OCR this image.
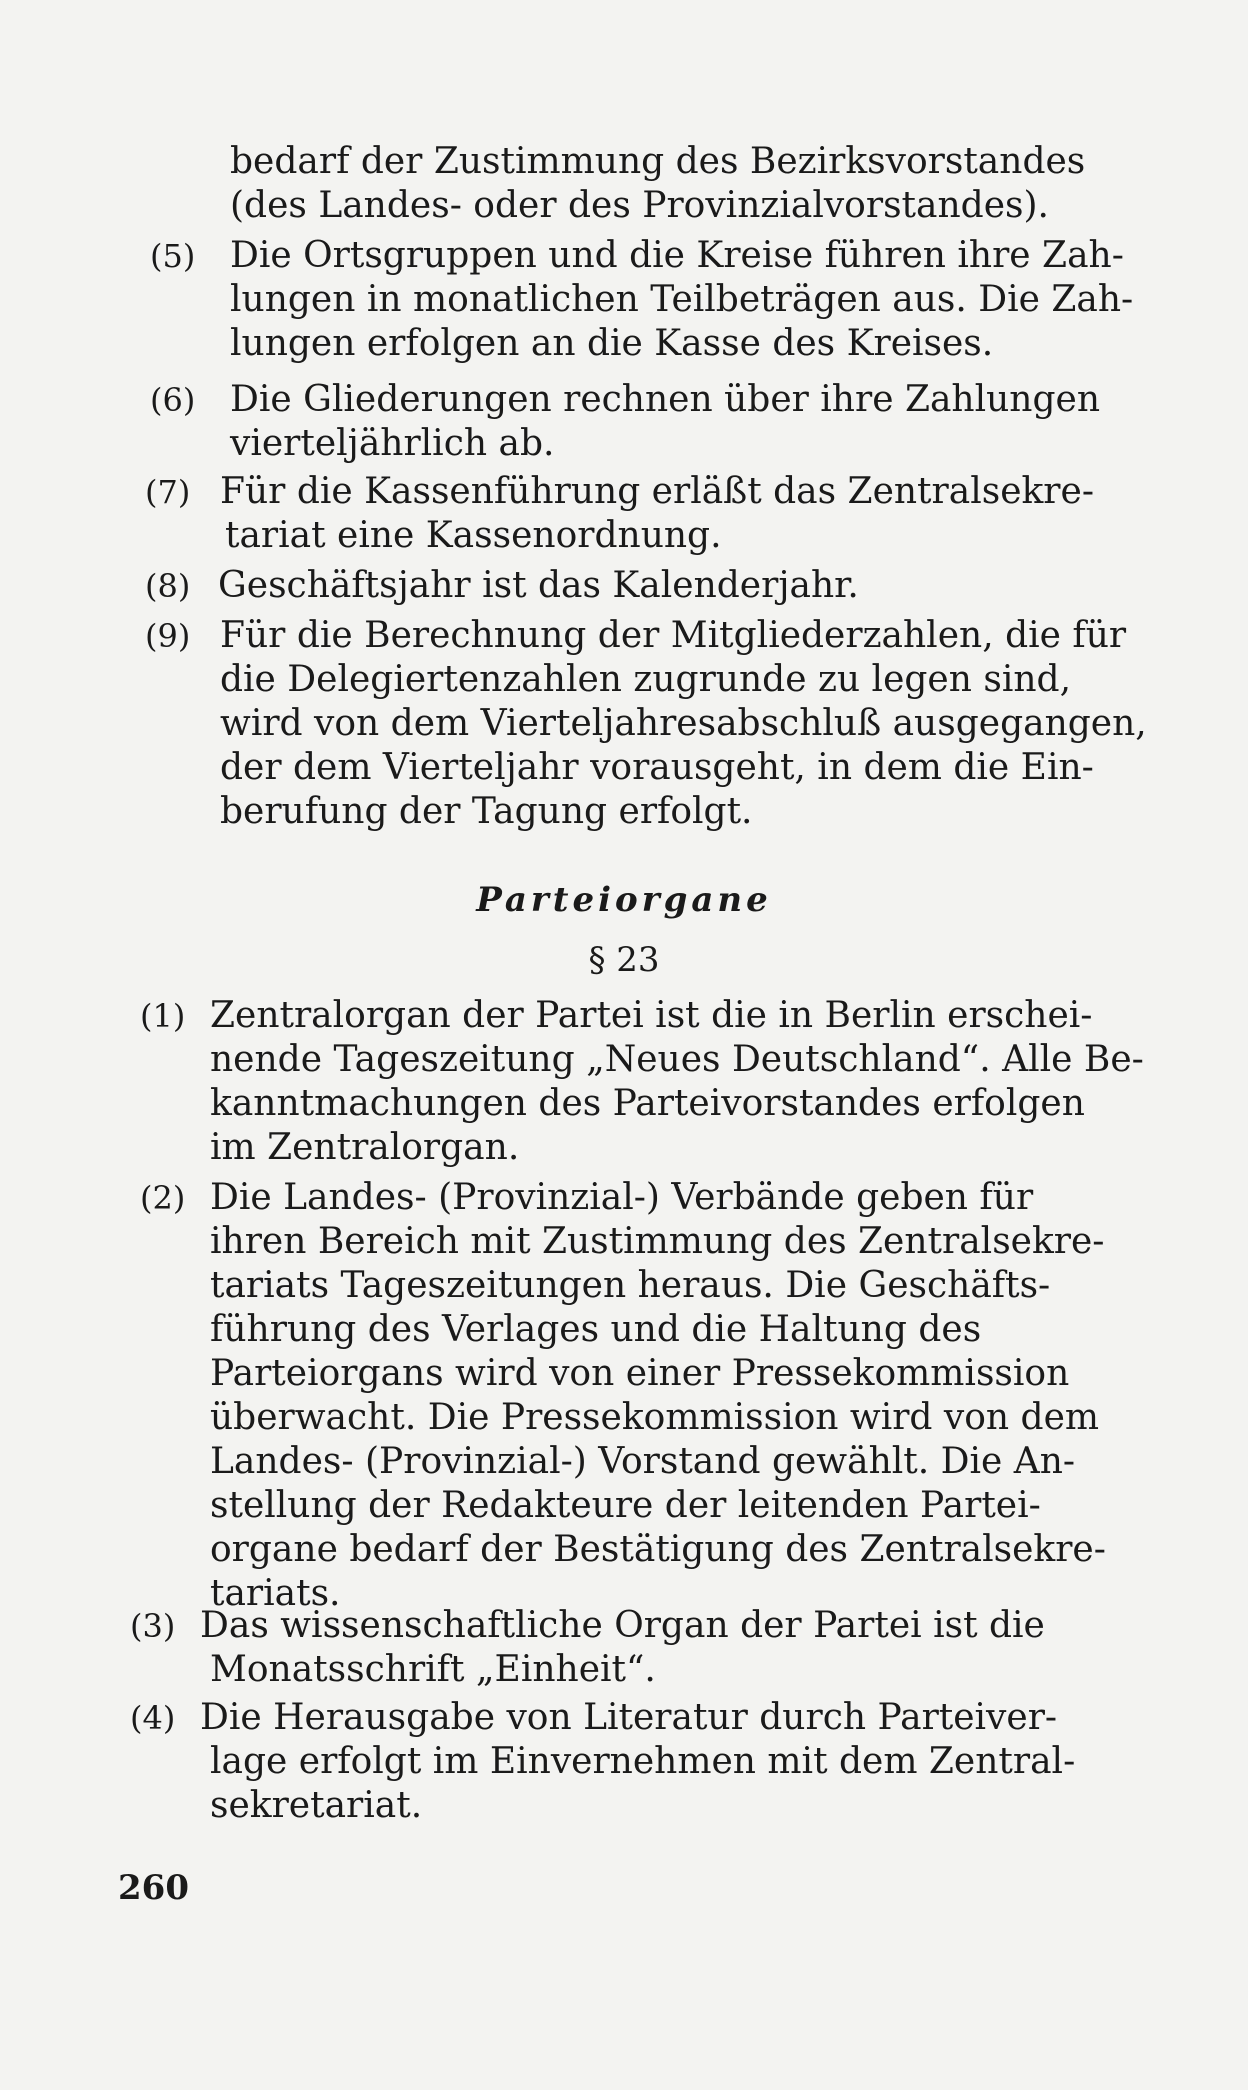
bedarf der Zustimmung des Bezirksvorstandes
(des Landes- oder des Provinzialvorstandes).
(5) Die Ortsgruppen und die Kreise führen ihre Zah-
lungen in monatlichen Teilbeträgen aus. Die Zah-
lungen erfolgen an die Kasse des Kreises.
(6) Die Gliederungen rechnen über ihre Zahlungen
vierteljährlich ab.
(7) Für die Kassenführung erläßt das Zentralsekre-
tariat eine Kassenordnung.
(8) Geschäftsjahr ist das Kalenderjahr.
(9) Für die Berechnung der Mitgliederzahlen, die für
die Delegiertenzahlen zugrunde zu legen sind,
wird von dem Vierteljahresabschluß ausgegangen,
der dem Vierteljahr vorausgeht, in dem die Ein-
berufung der Tagung erfolgt.
Parteiorgane
§ 23
(1) Zentralorgan der Partei ist die in Berlin erschei-
nende Tageszeitung „Neues Deutschland“. Alle Be-
kanntmachungen des Parteivorstandes erfolgen
im Zentralorgan.
(2) Die Landes- (Provinzial-) Verbände geben für
ihren Bereich mit Zustimmung des Zentralsekre-
tariats Tageszeitungen heraus. Die Geschäfts-
führung des Verlages und die Haltung des
Parteiorgans wird von einer Pressekommission
überwacht. Die Pressekommission wird von dem
Landes- (Provinzial-) Vorstand gewählt. Die An-
stellung der Redakteure der leitenden Partei-
organe bedarf der Bestätigung des Zentralsekre-
tariats.
(3) Das wissenschaftliche Organ der Partei ist die
Monatsschrift „Einheit“.
(4) Die Herausgabe von Literatur durch Parteiver-
lage erfolgt im Einvernehmen mit dem Zentral-
sekretariat.
260
